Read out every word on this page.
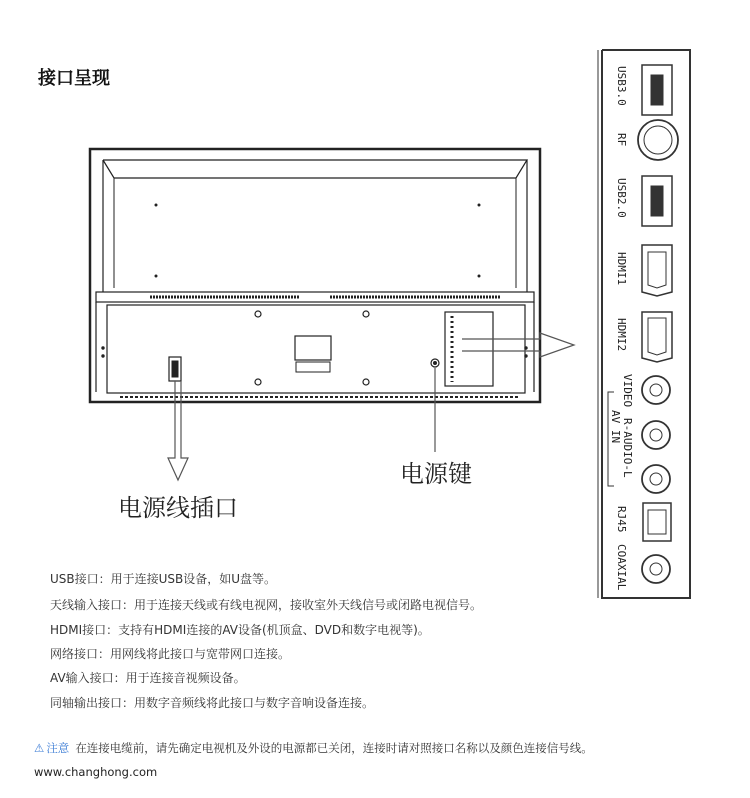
接口呈现
电源键
电源线插口
USB3.0
RF
USB2.0
HDMI1
HDMI2
VIDEO
AV IN R-AUDIO-L
RJ45
COAXIAL
USB接口：用于连接USB设备，如U盘等。
天线输入接口：用于连接天线或有线电视网，接收室外天线信号或闭路电视信号。
HDMI接口：支持有HDMI连接的AV设备(机顶盒、DVD和数字电视等)。
网络接口：用网线将此接口与宽带网口连接。
AV输入接口：用于连接音视频设备。
同轴输出接口：用数字音频线将此接口与数字音响设备连接。
⚠ 注意 在连接电缆前，请先确定电视机及外设的电源都已关闭，连接时请对照接口名称以及颜色连接信号线。
www.changhong.com
